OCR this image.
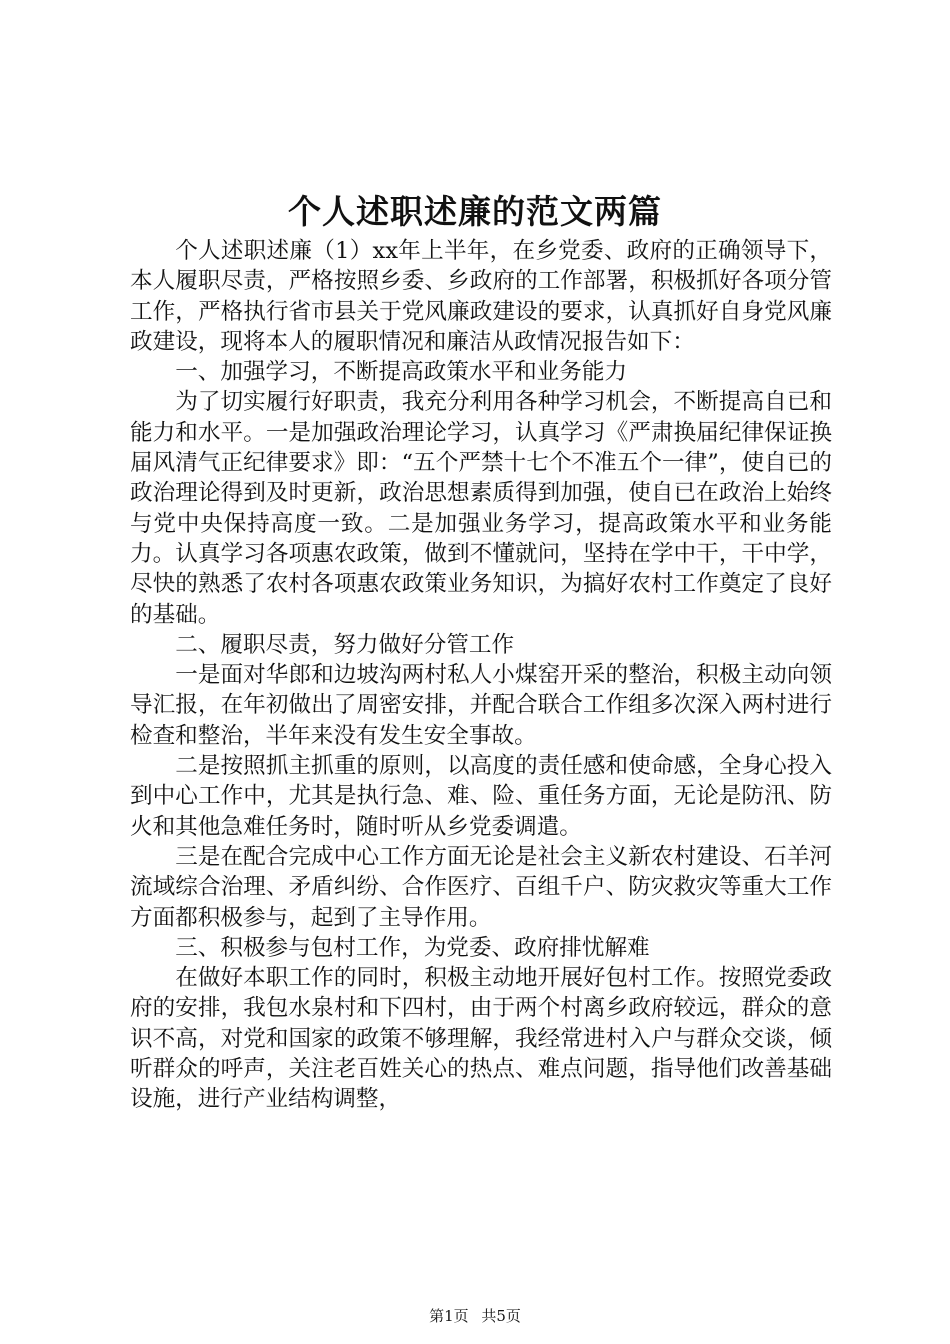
个人述职述廉的范文两篇

个人述职述廉（1）xx年上半年，在乡党委、政府的正确领导下，本人履职尽责，严格按照乡委、乡政府的工作部署，积极抓好各项分管工作，严格执行省市县关于党风廉政建设的要求，认真抓好自身党风廉政建设，现将本人的履职情况和廉洁从政情况报告如下：

一、加强学习，不断提高政策水平和业务能力

为了切实履行好职责，我充分利用各种学习机会，不断提高自已和能力和水平。一是加强政治理论学习，认真学习《严肃换届纪律保证换届风清气正纪律要求》即：“五个严禁十七个不准五个一律”，使自已的政治理论得到及时更新，政治思想素质得到加强，使自已在政治上始终与党中央保持高度一致。二是加强业务学习，提高政策水平和业务能力。认真学习各项惠农政策，做到不懂就问，坚持在学中干，干中学，尽快的熟悉了农村各项惠农政策业务知识，为搞好农村工作奠定了良好的基础。

二、履职尽责，努力做好分管工作

一是面对华郎和边坡沟两村私人小煤窑开采的整治，积极主动向领导汇报，在年初做出了周密安排，并配合联合工作组多次深入两村进行检查和整治，半年来没有发生安全事故。

二是按照抓主抓重的原则，以高度的责任感和使命感，全身心投入到中心工作中，尤其是执行急、难、险、重任务方面，无论是防汛、防火和其他急难任务时，随时听从乡党委调遣。

三是在配合完成中心工作方面无论是社会主义新农村建设、石羊河流域综合治理、矛盾纠纷、合作医疗、百组千户、防灾救灾等重大工作方面都积极参与，起到了主导作用。

三、积极参与包村工作，为党委、政府排忧解难

在做好本职工作的同时，积极主动地开展好包村工作。按照党委政府的安排，我包水泉村和下四村，由于两个村离乡政府较远，群众的意识不高，对党和国家的政策不够理解，我经常进村入户与群众交谈，倾听群众的呼声，关注老百姓关心的热点、难点问题，指导他们改善基础设施，进行产业结构调整，

第1页 共5页
